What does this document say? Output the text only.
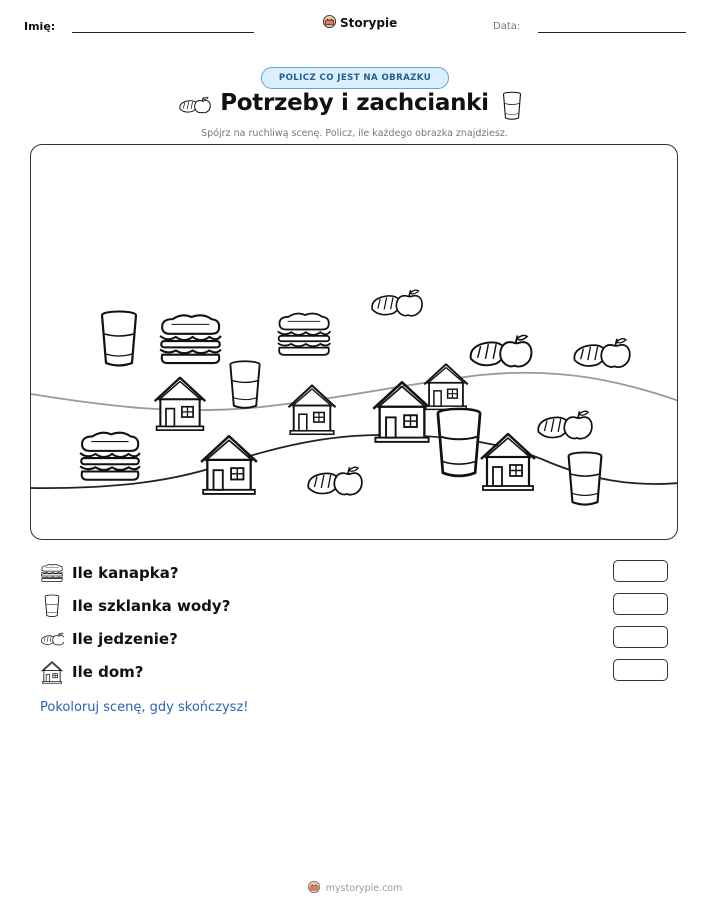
Imię:	Storypie	Data:
POLICZ CO JEST NA OBRAZKU
Potrzeby i zachcianki
Spójrz na ruchliwą scenę. Policz, ile każdego obrazka znajdziesz.
Ile kanapka?
Ile szklanka wody?
Ile jedzenie?
Ile dom?
Pokoloruj scenę, gdy skończysz!
mystorypie.com
